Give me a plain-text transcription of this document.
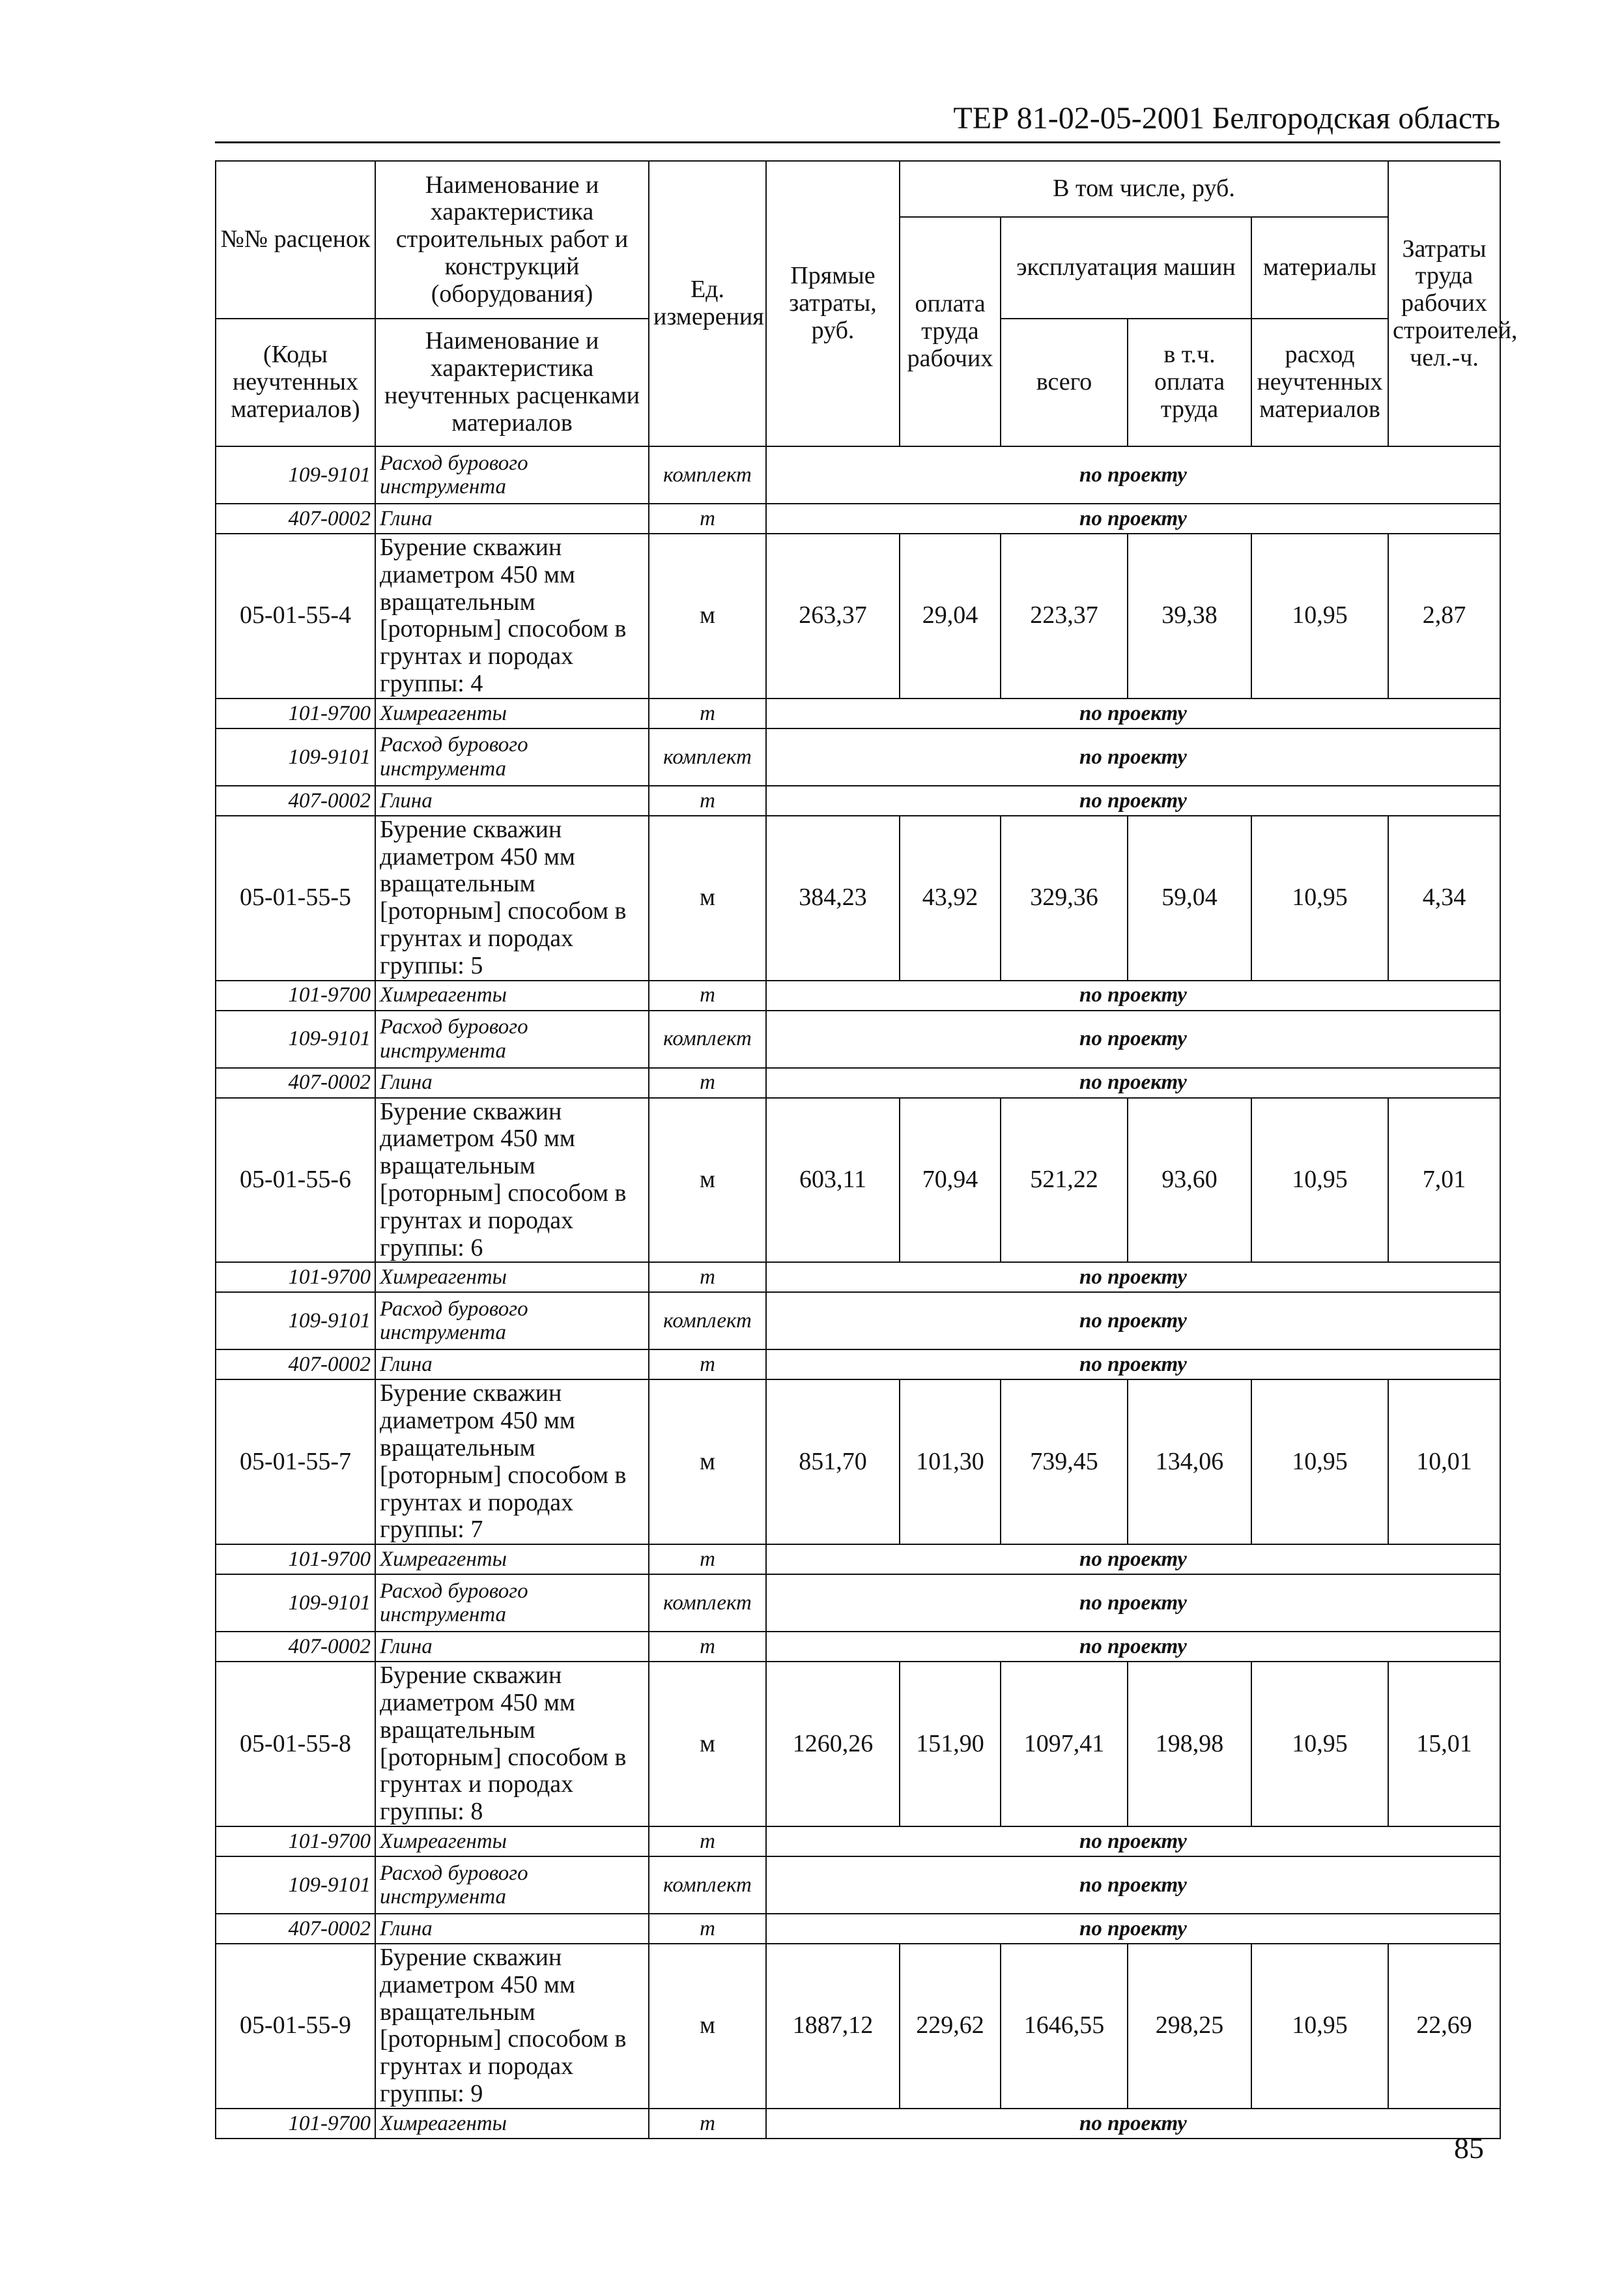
ТЕР 81-02-05-2001 Белгородская область
№№ расценок	Наименование и характеристика строительных работ и конструкций (оборудования)	Ед. измерения	Прямые затраты, руб.	В том числе, руб.				Затраты труда рабочих строителей, чел.-ч.
				оплата труда рабочих	эксплуатация машин		материалы	
(Коды неучтенных материалов)	Наименование и характеристика неучтенных расценками материалов				всего	в т.ч. оплата труда	расход неучтенных материалов	

109-9101	Расход бурового инструмента	комплект	по проекту					
407-0002	Глина	т	по проекту					
05-01-55-4	Бурение скважин диаметром 450 мм вращательным [роторным] способом в грунтах и породах группы: 4	м	263,37	29,04	223,37	39,38	10,95	2,87
101-9700	Химреагенты	т	по проекту					
109-9101	Расход бурового инструмента	комплект	по проекту					
407-0002	Глина	т	по проекту					
05-01-55-5	Бурение скважин диаметром 450 мм вращательным [роторным] способом в грунтах и породах группы: 5	м	384,23	43,92	329,36	59,04	10,95	4,34
101-9700	Химреагенты	т	по проекту					
109-9101	Расход бурового инструмента	комплект	по проекту					
407-0002	Глина	т	по проекту					
05-01-55-6	Бурение скважин диаметром 450 мм вращательным [роторным] способом в грунтах и породах группы: 6	м	603,11	70,94	521,22	93,60	10,95	7,01
101-9700	Химреагенты	т	по проекту					
109-9101	Расход бурового инструмента	комплект	по проекту					
407-0002	Глина	т	по проекту					
05-01-55-7	Бурение скважин диаметром 450 мм вращательным [роторным] способом в грунтах и породах группы: 7	м	851,70	101,30	739,45	134,06	10,95	10,01
101-9700	Химреагенты	т	по проекту					
109-9101	Расход бурового инструмента	комплект	по проекту					
407-0002	Глина	т	по проекту					
05-01-55-8	Бурение скважин диаметром 450 мм вращательным [роторным] способом в грунтах и породах группы: 8	м	1260,26	151,90	1097,41	198,98	10,95	15,01
101-9700	Химреагенты	т	по проекту					
109-9101	Расход бурового инструмента	комплект	по проекту					
407-0002	Глина	т	по проекту					
05-01-55-9	Бурение скважин диаметром 450 мм вращательным [роторным] способом в грунтах и породах группы: 9	м	1887,12	229,62	1646,55	298,25	10,95	22,69
101-9700	Химреагенты	т	по проекту					
85
